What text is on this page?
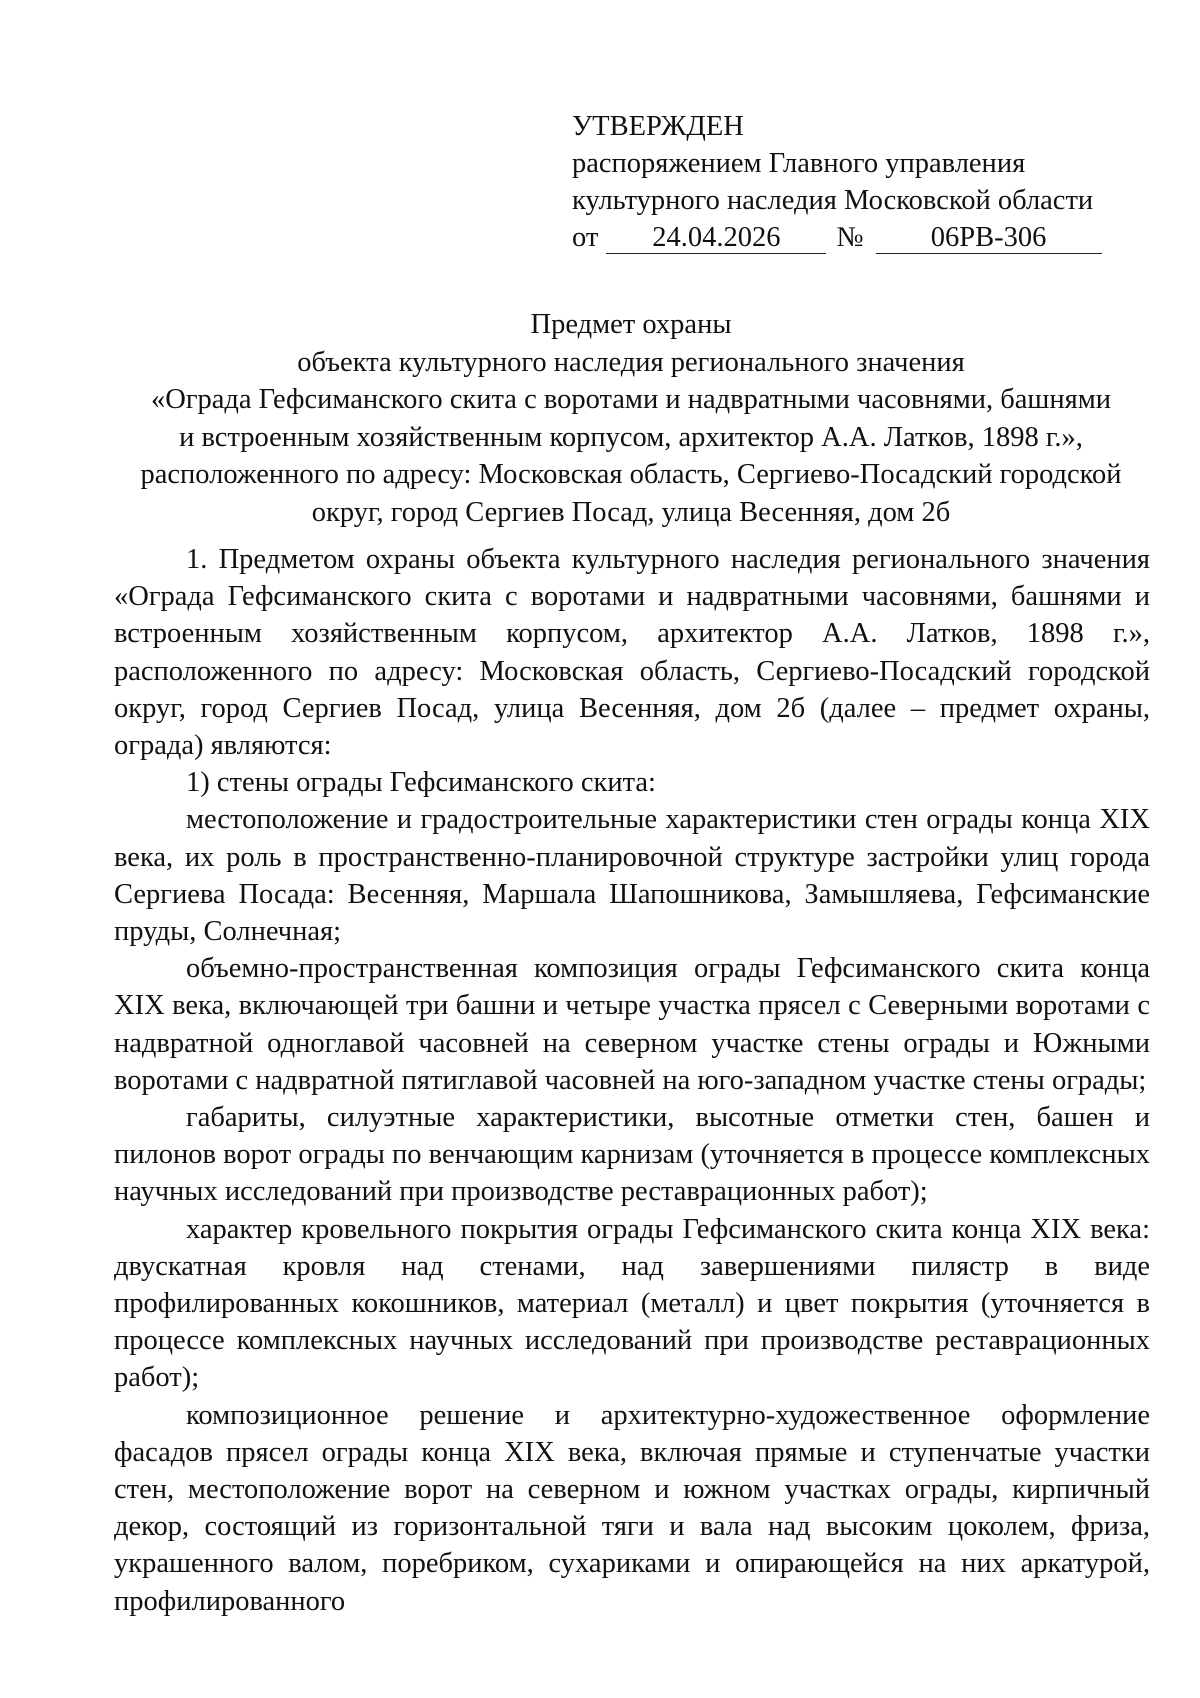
УТВЕРЖДЕН
распоряжением Главного управления
культурного наследия Московской области
от 24.04.2026 № 06РВ-306
Предмет охраны
объекта культурного наследия регионального значения
«Ограда Гефсиманского скита с воротами и надвратными часовнями, башнями
и встроенным хозяйственным корпусом, архитектор А.А. Латков, 1898 г.»,
расположенного по адресу: Московская область, Сергиево-Посадский городской
округ, город Сергиев Посад, улица Весенняя, дом 2б

1. Предметом охраны объекта культурного наследия регионального значения «Ограда Гефсиманского скита с воротами и надвратными часовнями, башнями и встроенным хозяйственным корпусом, архитектор А.А. Латков, 1898 г.», расположенного по адресу: Московская область, Сергиево-Посадский городской округ, город Сергиев Посад, улица Весенняя, дом 2б (далее – предмет охраны, ограда) являются:

1) стены ограды Гефсиманского скита:

местоположение и градостроительные характеристики стен ограды конца XIX века, их роль в пространственно-планировочной структуре застройки улиц города Сергиева Посада: Весенняя, Маршала Шапошникова, Замышляева, Гефсиманские пруды, Солнечная;

объемно-пространственная композиция ограды Гефсиманского скита конца XIX века, включающей три башни и четыре участка прясел с Северными воротами с надвратной одноглавой часовней на северном участке стены ограды и Южными воротами с надвратной пятиглавой часовней на юго-западном участке стены ограды;

габариты, силуэтные характеристики, высотные отметки стен, башен и пилонов ворот ограды по венчающим карнизам (уточняется в процессе комплексных научных исследований при производстве реставрационных работ);

характер кровельного покрытия ограды Гефсиманского скита конца XIX века: двускатная кровля над стенами, над завершениями пилястр в виде профилированных кокошников, материал (металл) и цвет покрытия (уточняется в процессе комплексных научных исследований при производстве реставрационных работ);

композиционное решение и архитектурно-художественное оформление фасадов прясел ограды конца XIX века, включая прямые и ступенчатые участки стен, местоположение ворот на северном и южном участках ограды, кирпичный декор, состоящий из горизонтальной тяги и вала над высоким цоколем, фриза, украшенного валом, поребриком, сухариками и опирающейся на них аркатурой, профилированного
